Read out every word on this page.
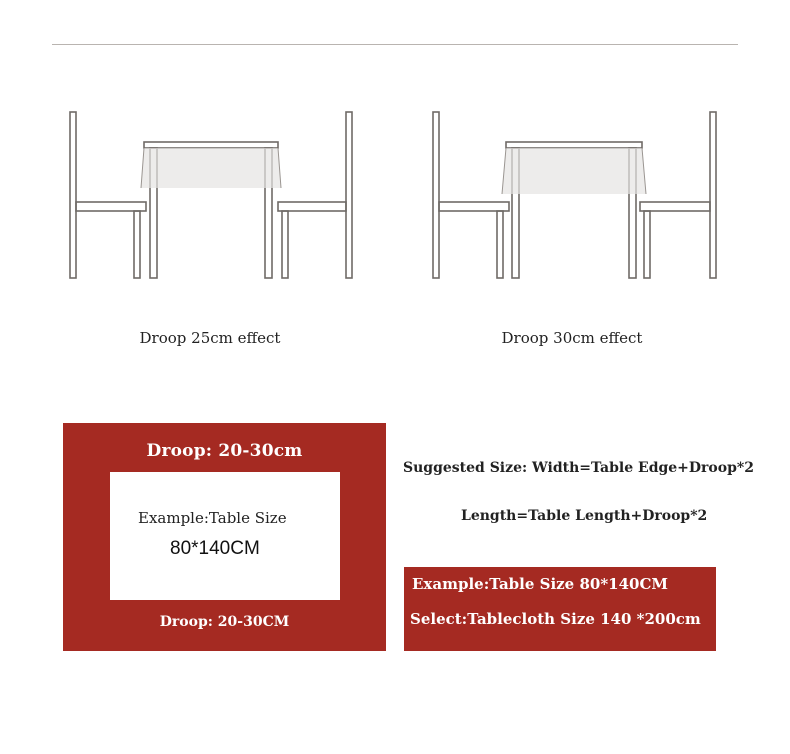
Droop 25cm effect	Droop 30cm effect
Droop: 20-30cm
Example:Table Size
80*140CM
Droop: 20-30CM
Suggested Size: Width=Table Edge+Droop*2
Length=Table Length+Droop*2
Example:Table Size 80*140CM
Select:Tablecloth Size 140 *200cm
